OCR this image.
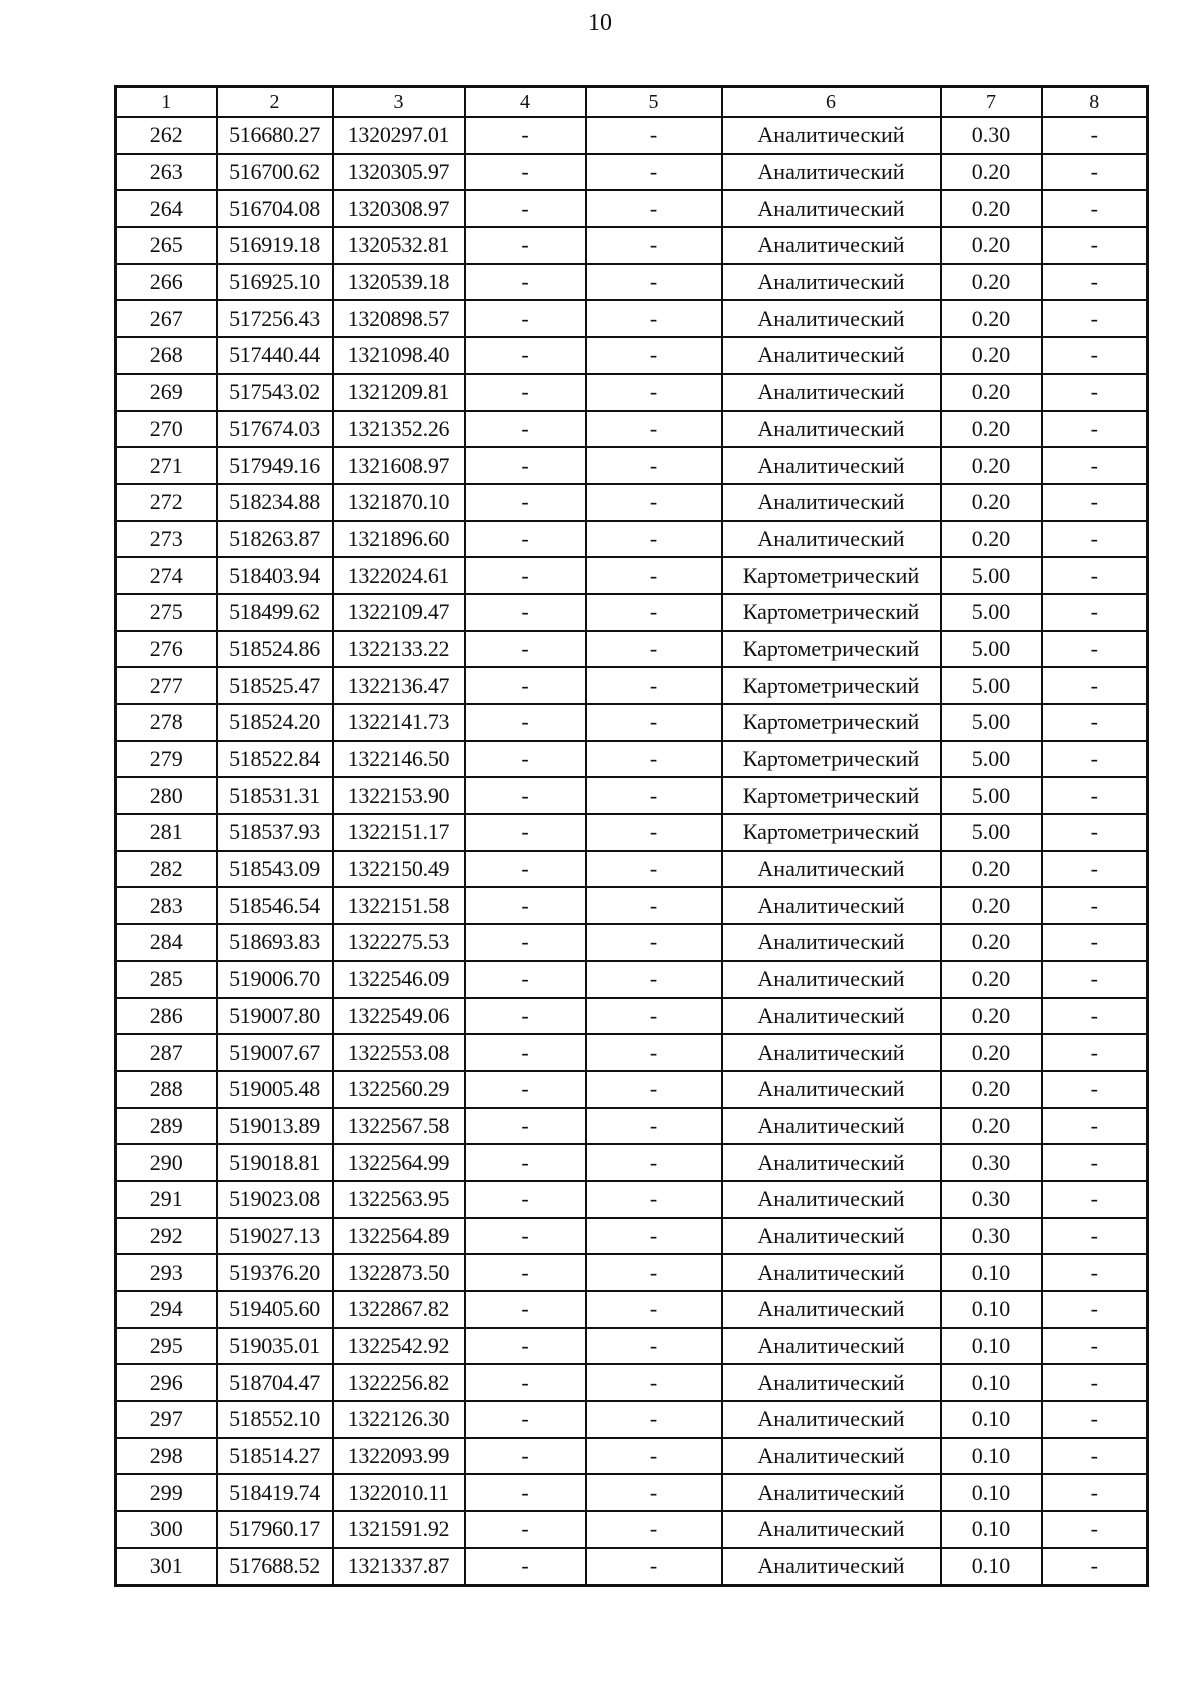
10
1	2	3	4	5	6	7	8
262	516680.27	1320297.01	-	-	Аналитический	0.30	-
263	516700.62	1320305.97	-	-	Аналитический	0.20	-
264	516704.08	1320308.97	-	-	Аналитический	0.20	-
265	516919.18	1320532.81	-	-	Аналитический	0.20	-
266	516925.10	1320539.18	-	-	Аналитический	0.20	-
267	517256.43	1320898.57	-	-	Аналитический	0.20	-
268	517440.44	1321098.40	-	-	Аналитический	0.20	-
269	517543.02	1321209.81	-	-	Аналитический	0.20	-
270	517674.03	1321352.26	-	-	Аналитический	0.20	-
271	517949.16	1321608.97	-	-	Аналитический	0.20	-
272	518234.88	1321870.10	-	-	Аналитический	0.20	-
273	518263.87	1321896.60	-	-	Аналитический	0.20	-
274	518403.94	1322024.61	-	-	Картометрический	5.00	-
275	518499.62	1322109.47	-	-	Картометрический	5.00	-
276	518524.86	1322133.22	-	-	Картометрический	5.00	-
277	518525.47	1322136.47	-	-	Картометрический	5.00	-
278	518524.20	1322141.73	-	-	Картометрический	5.00	-
279	518522.84	1322146.50	-	-	Картометрический	5.00	-
280	518531.31	1322153.90	-	-	Картометрический	5.00	-
281	518537.93	1322151.17	-	-	Картометрический	5.00	-
282	518543.09	1322150.49	-	-	Аналитический	0.20	-
283	518546.54	1322151.58	-	-	Аналитический	0.20	-
284	518693.83	1322275.53	-	-	Аналитический	0.20	-
285	519006.70	1322546.09	-	-	Аналитический	0.20	-
286	519007.80	1322549.06	-	-	Аналитический	0.20	-
287	519007.67	1322553.08	-	-	Аналитический	0.20	-
288	519005.48	1322560.29	-	-	Аналитический	0.20	-
289	519013.89	1322567.58	-	-	Аналитический	0.20	-
290	519018.81	1322564.99	-	-	Аналитический	0.30	-
291	519023.08	1322563.95	-	-	Аналитический	0.30	-
292	519027.13	1322564.89	-	-	Аналитический	0.30	-
293	519376.20	1322873.50	-	-	Аналитический	0.10	-
294	519405.60	1322867.82	-	-	Аналитический	0.10	-
295	519035.01	1322542.92	-	-	Аналитический	0.10	-
296	518704.47	1322256.82	-	-	Аналитический	0.10	-
297	518552.10	1322126.30	-	-	Аналитический	0.10	-
298	518514.27	1322093.99	-	-	Аналитический	0.10	-
299	518419.74	1322010.11	-	-	Аналитический	0.10	-
300	517960.17	1321591.92	-	-	Аналитический	0.10	-
301	517688.52	1321337.87	-	-	Аналитический	0.10	-
